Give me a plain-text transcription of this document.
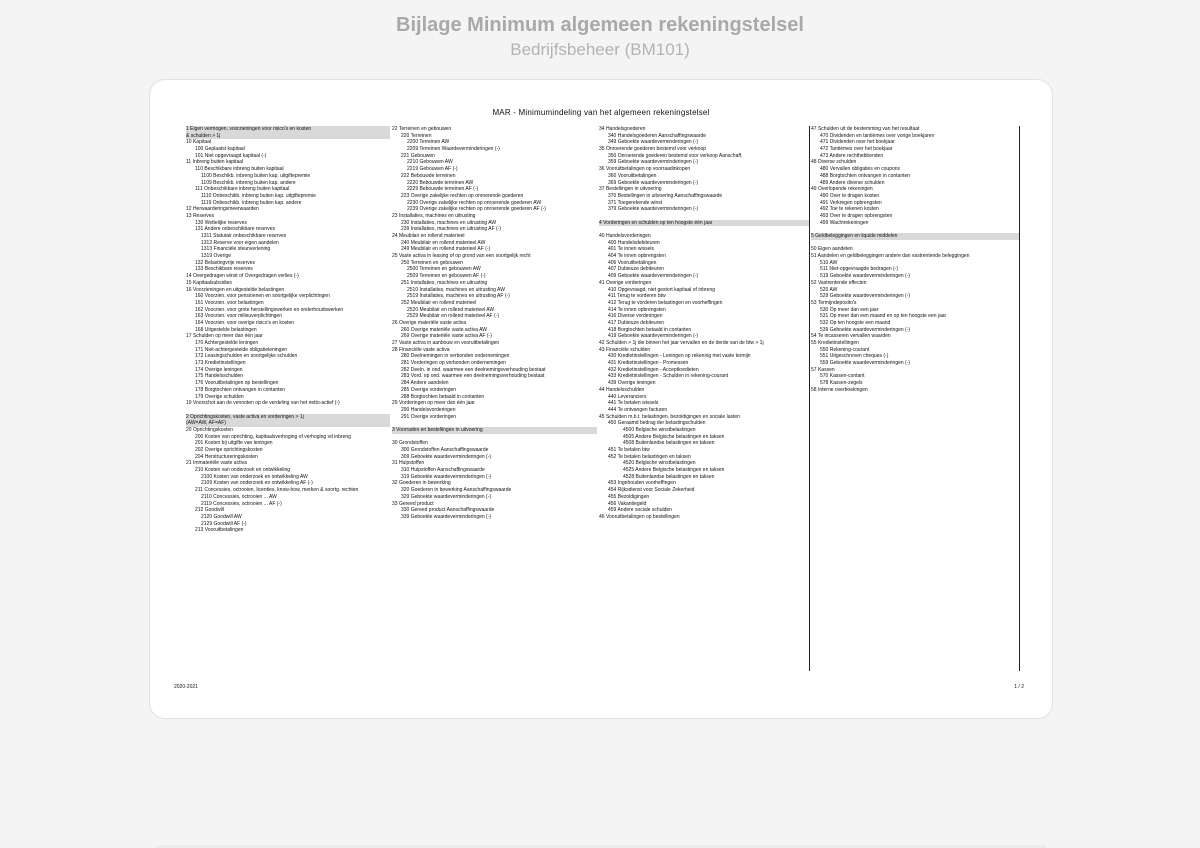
Bijlage Minimum algemeen rekeningstelsel

Bedrijfsbeheer (BM101)

MAR - Minimumindeling van het algemeen rekeningstelsel
1 Eigen vermogen, voorzieningen voor risico's en kosten
& schulden > 1j
10 Kapitaal
100 Geplaatst kapitaal
101 Niet opgevraagd kapitaal (-)
11 Inbreng buiten kapitaal
110 Beschikbare inbreng buiten kapitaal
1100 Beschikb. inbreng buiten kap. uitgiftepremie
1109 Beschikb. inbreng buiten kap. andere
111 Onbeschikbare inbreng buiten kapitaal
1110 Onbeschikb. inbreng buiten kap. uitgiftepremie
1119 Onbeschikb. inbreng buiten kap. andere
12 Herwaarderingsmeerwaarden
13 Reserves
130 Wettelijke reserves
131 Andere onbeschikbare reserves
1311 Statutair onbeschikbare reserves
1312 Reserve voor eigen aandelen
1313 Financiële steunverlening
1319 Overige
132 Belastingvrije reserves
133 Beschikbare reserves
14 Overgedragen winst of Overgedragen verlies (-)
15 Kapitaalsubsidies
16 Voorzieningen en uitgestelde belastingen
160 Voorzien. voor pensioenen en soortgelijke verplichtingen
161 Voorzien. voor belastingen
162 Voorzien. voor grote herstellingswerken en onderhoudswerken
163 Voorzien. voor milieuverplichtingen
164 Voorzien. voor overige risico's en kosten
168 Uitgestelde belastingen
17 Schulden op meer dan één jaar
170 Achtergestelde leningen
171 Niet-achtergestelde obligatieleningen
172 Leasingschulden en soortgelijke schulden
173 Kredietinstellingen
174 Overige leningen
175 Handelsschulden
176 Vooruitbetalingen op bestellingen
178 Borgtochten ontvangen in contanten
179 Overige schulden
19 Voorschot aan de vennoten op de verdeling van het netto-actief (-)
2 Oprichtingskosten, vaste activa en vorderingen > 1j
(AW=AW, AF=AF)
20 Oprichtingskosten
200 Kosten van oprichting, kapitaalsverhoging of verhoging vd inbreng
201 Kosten bij uitgifte van leningen
202 Overige oprichtingskosten
204 Herstructureringskosten
21 Immateriële vaste activa
210 Kosten van onderzoek en ontwikkeling
2100 Kosten van onderzoek en ontwikkeling AW
2109 Kosten van onderzoek en ontwikkeling AF (-)
211 Concessies, octrooien, licenties, know-how, merken & soortg. rechten
2110 Concessies, octrooien ... AW
2119 Concessies, octrooien ... AF (-)
212 Goodwill
2120 Goodwill AW
2129 Goodwill AF (-)
213 Vooruitbetalingen
22 Terreinen en gebouwen
220 Terreinen
2200 Terreinen AW
2209 Terreinen Waardeverminderingen (-)
221 Gebouwen
2210 Gebouwen AW
2219 Gebouwen AF (-)
222 Bebouwde terreinen
2220 Bebouwde terreinen AW
2229 Bebouwde terreinen AF (-)
223 Overige zakelijke rechten op onroerende goederen
2230 Overige zakelijke rechten op onroerende goederen AW
2239 Overige zakelijke rechten op onroerende goederen AF (-)
23 Installaties, machines en uitrusting
230 Installaties, machines en uitrusting AW
239 Installaties, machines en uitrusting AF (-)
24 Meubilair en rollend materieel
240 Meubilair en rollend materieel AW
249 Meubilair en rollend materieel AF (-)
25 Vaste activa in leasing of op grond van een soortgelijk recht
250 Terreinen en gebouwen
2500 Terreinen en gebouwen AW
2509 Terreinen en gebouwen AF (-)
251 Installaties, machines en uitrusting
2510 Installaties, machines en uitrusting AW
2519 Installaties, machines en uitrusting AF (-)
252 Meubilair en rollend materieel
2520 Meubilair en rollend materieel AW
2529 Meubilair en rollend materieel AF (-)
26 Overige materiële vaste activa
260 Overige materiële vaste activa AW
269 Overige materiële vaste activa AF (-)
27 Vaste activa in aanbouw en vooruitbetalingen
28 Financiële vaste activa
280 Deelnemingen in verbonden ondernemingen
281 Vorderingen op verbonden ondernemingen
282 Deeln. in ond. waarmee een deelnemingsverhouding bestaat
283 Vord. op ond. waarmee een deelnemingsverhouding bestaat
284 Andere aandelen
285 Overige vorderingen
288 Borgtochten betaald in contanten
29 Vorderingen op meer dan één jaar
290 Handelsvorderingen
291 Overige vorderingen
3 Voorraden en bestellingen in uitvoering
30 Grondstoffen
300 Grondstoffen Aanschaffingswaarde
309 Geboekte waardeverminderingen (-)
31 Hulpstoffen
310 Hulpstoffen Aanschaffingswaarde
319 Geboekte waardeverminderingen (-)
32 Goederen in bewerking
320 Goederen in bewerking Aanschaffingswaarde
329 Geboekte waardeverminderingen (-)
33 Gereed product
330 Gereed product Aanschaffingswaarde
339 Geboekte waardeverminderingen (-)
34 Handelsgoederen
340 Handelsgoederen Aanschaffingswaarde
349 Geboekte waardeverminderingen (-)
35 Onroerende goederen bestemd voor verkoop
350 Onroerende goederen bestemd voor verkoop Aanschaff.
359 Geboekte waardeverminderingen (-)
36 Vooruitbetalingen op voorraadinkopen
360 Vooruitbetalingen
369 Geboekte waardeverminderingen (-)
37 Bestellingen in uitvoering
370 Bestellingen in uitvoering Aanschaffingswaarde
371 Toegerekende winst
379 Geboekte waardeverminderingen (-)
4 Vorderingen en schulden op ten hoogste één jaar
40 Handelsvorderingen
400 Handelsdebiteuren
401 Te innen wissels
404 Te innen opbrengsten
406 Vooruitbetalingen
407 Dubieuze debiteuren
409 Geboekte waardeverminderingen (-)
41 Overige vorderingen
410 Opgevraagd, niet gestort kapitaal of inbreng
411 Terug te vorderen btw
412 Terug te vorderen belastingen en voorheffingen
414 Te innen opbrengsten
416 Diverse vorderingen
417 Dubieuze debiteuren
418 Borgtochten betaald in contanten
419 Geboekte waardeverminderingen (-)
42 Schulden > 1j die binnen het jaar vervallen en de derde van de btw > 1j
43 Financiële schulden
430 Kredietinstellingen - Leningen op rekening met vaste termijn
431 Kredietinstellingen - Promessen
432 Kredietinstellingen - Acceptkredieten
433 Kredietinstellingen - Schulden in rekening-courant
439 Overige leningen
44 Handelsschulden
440 Leveranciers
441 Te betalen wissels
444 Te ontvangen facturen
45 Schulden m.b.t. belastingen, bezoldigingen en sociale lasten
450 Geraamd bedrag der belastingschulden
4500 Belgische winstbelastingen
4505 Andere Belgische belastingen en taksen
4508 Buitenlandse belastingen en taksen
451 Te betalen btw
452 Te betalen belastingen en taksen
4520 Belgische winstbelastingen
4525 Andere Belgische belastingen en taksen
4528 Buitenlandse belastingen en taksen
453 Ingehouden voorheffingen
454 Rijksdienst voor Sociale Zekerheid
455 Bezoldigingen
456 Vakantiegeld
459 Andere sociale schulden
46 Vooruitbetalingen op bestellingen
47 Schulden uit de bestemming van het resultaat
470 Dividenden en tantièmes over vorige boekjaren
471 Dividenden over het boekjaar
472 Tantièmes over het boekjaar
473 Andere rechthebbenden
48 Diverse schulden
480 Vervallen obligaties en coupons
488 Borgtochten ontvangen in contanten
489 Andere diverse schulden
49 Overlopende rekeningen
490 Over te dragen kosten
491 Verkregen opbrengsten
492 Toe te rekenen kosten
493 Over te dragen opbrengsten
499 Wachtrekeningen
5 Geldbeleggingen en liquide middelen
50 Eigen aandelen
51 Aandelen en geldbeleggingen andere dan vastrentende beleggingen
510 AW
511 Niet-opgevraagde bedragen (-)
519 Geboekte waardeverminderingen (-)
52 Vastrentende effecten
520 AW
529 Geboekte waardeverminderingen (-)
53 Termijndeposito's
530 Op meer dan een jaar
531 Op meer dan een maand en op ten hoogste een jaar
532 Op ten hoogste een maand
539 Geboekte waardeverminderingen (-)
54 Te incasseren vervallen waarden
55 Kredietinstellingen
550 Rekening-courant
551 Uitgeschreven cheques (-)
559 Geboekte waardeverminderingen (-)
57 Kassen
570 Kassen-contant
578 Kassen-zegels
58 Interne overboekingen
2020-2021	1 / 2
